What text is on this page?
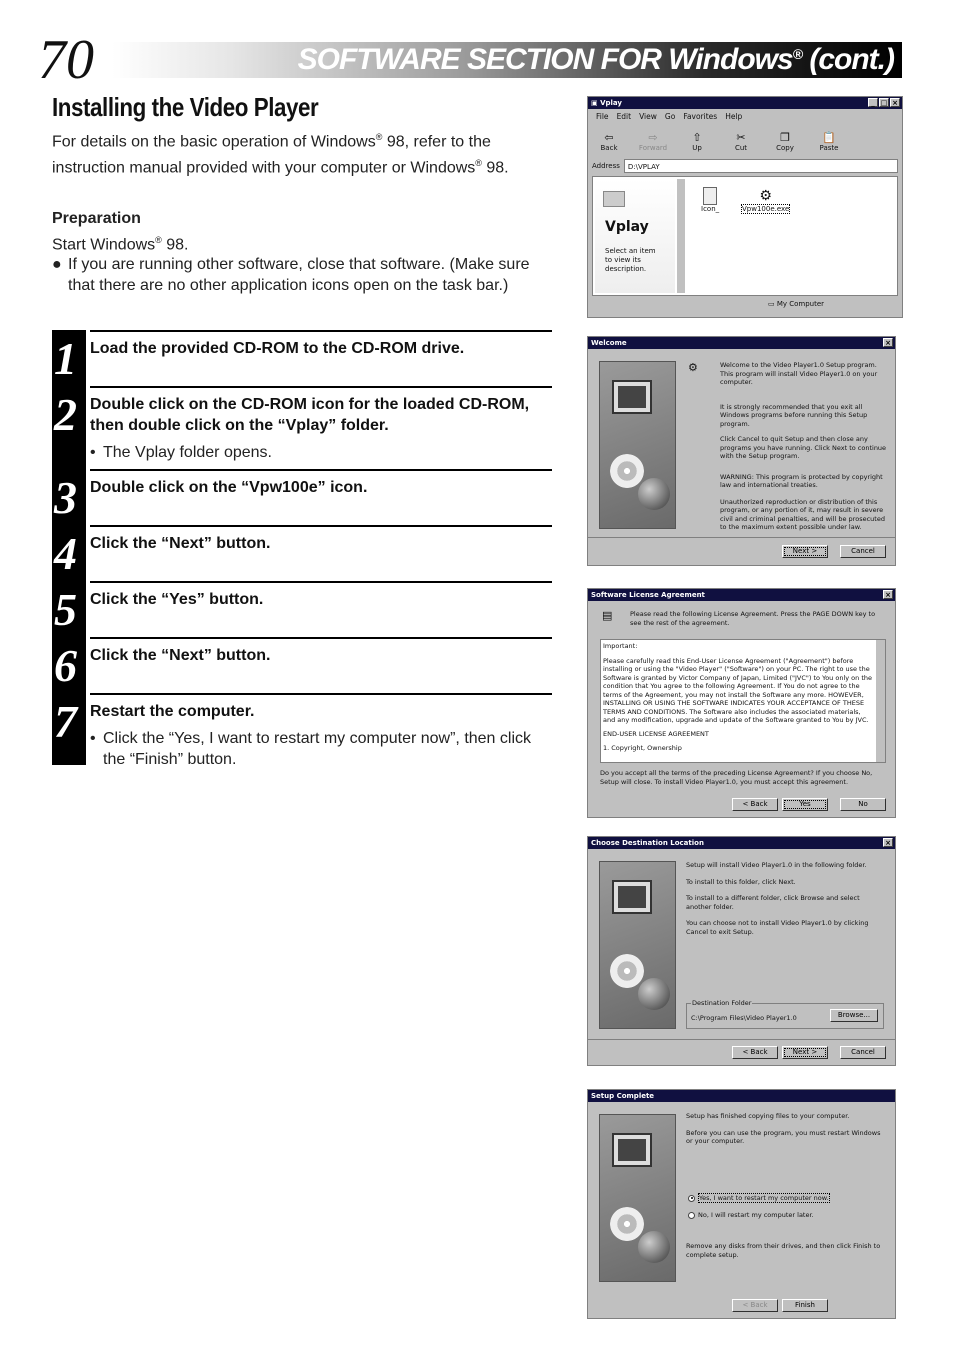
70	SOFTWARE SECTION FOR Windows® (cont.)
Installing the Video Player
For details on the basic operation of Windows® 98, refer to the instruction manual provided with your computer or Windows® 98.
Preparation
Start Windows® 98.
● If you are running other software, close that software. (Make sure that there are no other application icons open on the task bar.)
1 Load the provided CD-ROM to the CD-ROM drive.
2 Double click on the CD-ROM icon for the loaded CD-ROM, then double click on the “Vplay” folder.
• The Vplay folder opens.
3 Double click on the “Vpw100e” icon.
4 Click the “Next” button.
5 Click the “Yes” button.
6 Click the “Next” button.
7 Restart the computer.
• Click the “Yes, I want to restart my computer now”, then click the “Finish” button.
▣ Vplay	_ □ ×
File Edit View Go Favorites Help
⇦
Back
⇨
Forward
⇧
Up
✂
Cut
❐
Copy
📋
Paste
Address	D:\VPLAY
Vplay
Select an item to view its description.
Icon_
⚙
Vpw100e.exe
▭ My Computer
Welcome	×
⚙	Welcome to the Video Player1.0 Setup program. This program will install Video Player1.0 on your computer.

It is strongly recommended that you exit all Windows programs before running this Setup program.

Click Cancel to quit Setup and then close any programs you have running. Click Next to continue with the Setup program.

WARNING: This program is protected by copyright law and international treaties.

Unauthorized reproduction or distribution of this program, or any portion of it, may result in severe civil and criminal penalties, and will be prosecuted to the maximum extent possible under law.

Next >	Cancel
Software License Agreement	×
▤	Please read the following License Agreement. Press the PAGE DOWN key to see the rest of the agreement.

Important:

Please carefully read this End-User License Agreement ("Agreement") before installing or using the "Video Player" ("Software") on your PC. The right to use the Software is granted by Victor Company of Japan, Limited ("JVC") to You only on the condition that You agree to the following Agreement. If You do not agree to the terms of the Agreement, you may not install the Software any more. HOWEVER, INSTALLING OR USING THE SOFTWARE INDICATES YOUR ACCEPTANCE OF THESE TERMS AND CONDITIONS. The Software also includes the associated materials, and any modification, upgrade and update of the Software granted to You by JVC.

END-USER LICENSE AGREEMENT

1. Copyright, Ownership

Do you accept all the terms of the preceding License Agreement? If you choose No, Setup will close. To install Video Player1.0, you must accept this agreement.
< Back	Yes	No
Choose Destination Location	×

Setup will install Video Player1.0 in the following folder.

To install to this folder, click Next.

To install to a different folder, click Browse and select another folder.

You can choose not to install Video Player1.0 by clicking Cancel to exit Setup.

Destination Folder
C:\Program Files\Video Player1.0	Browse...
< Back	Next >	Cancel
Setup Complete

Setup has finished copying files to your computer.

Before you can use the program, you must restart Windows or your computer.

Yes, I want to restart my computer now.
No, I will restart my computer later.
Remove any disks from their drives, and then click Finish to complete setup.
< Back	Finish
